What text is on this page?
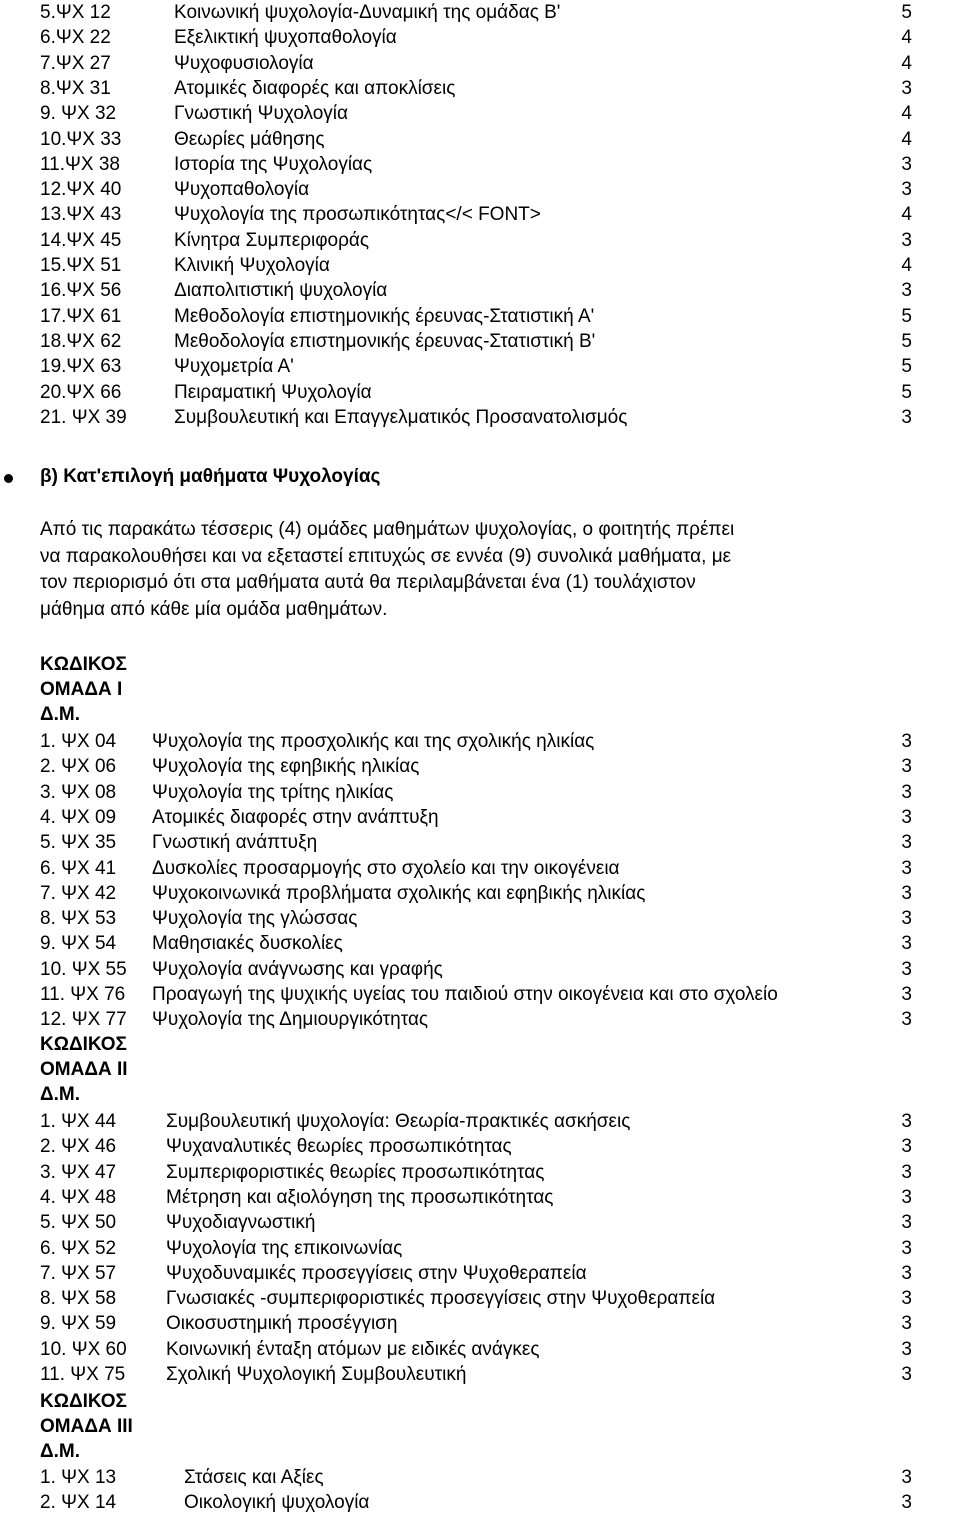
5.ΨΧ 12	Κοινωνική ψυχολογία-Δυναμική της ομάδας Β'	5
6.ΨΧ 22	Εξελικτική ψυχοπαθολογία	4
7.ΨΧ 27	Ψυχοφυσιολογία	4
8.ΨΧ 31	Ατομικές διαφορές και αποκλίσεις	3
9. ΨΧ 32	Γνωστική Ψυχολογία	4
10.ΨΧ 33	Θεωρίες μάθησης	4
11.ΨΧ 38	Ιστορία της Ψυχολογίας	3
12.ΨΧ 40	Ψυχοπαθολογία	3
13.ΨΧ 43	Ψυχολογία της προσωπικότητας</< FONT>	4
14.ΨΧ 45	Κίνητρα Συμπεριφοράς	3
15.ΨΧ 51	Κλινική Ψυχολογία	4
16.ΨΧ 56	Διαπολιτιστική ψυχολογία	3
17.ΨΧ 61	Μεθοδολογία επιστημονικής έρευνας-Στατιστική Α'	5
18.ΨΧ 62	Μεθοδολογία επιστημονικής έρευνας-Στατιστική Β'	5
19.ΨΧ 63	Ψυχομετρία Α'	5
20.ΨΧ 66	Πειραματική Ψυχολογία	5
21. ΨΧ 39 Συμβουλευτική και Επαγγελματικός Προσανατολισμός	3
β) Κατ'επιλογή μαθήματα Ψυχολογίας
Από τις παρακάτω τέσσερις (4) ομάδες μαθημάτων ψυχολογίας, ο φοιτητής πρέπει
να παρακολουθήσει και να εξεταστεί επιτυχώς σε εννέα (9) συνολικά μαθήματα, με
τον περιορισμό ότι στα μαθήματα αυτά θα περιλαμβάνεται ένα (1) τουλάχιστον
μάθημα από κάθε μία ομάδα μαθημάτων.
ΚΩΔΙΚΟΣ
ΟΜΑΔΑ Ι
Δ.Μ.
1. ΨΧ 04 Ψυχολογία της προσχολικής και της σχολικής ηλικίας	3
2. ΨΧ 06 Ψυχολογία της εφηβικής ηλικίας	3
3. ΨΧ 08 Ψυχολογία της τρίτης ηλικίας	3
4. ΨΧ 09 Ατομικές διαφορές στην ανάπτυξη	3
5. ΨΧ 35 Γνωστική ανάπτυξη	3
6. ΨΧ 41 Δυσκολίες προσαρμογής στο σχολείο και την οικογένεια	3
7. ΨΧ 42 Ψυχοκοινωνικά προβλήματα σχολικής και εφηβικής ηλικίας	3
8. ΨΧ 53 Ψυχολογία της γλώσσας	3
9. ΨΧ 54 Μαθησιακές δυσκολίες	3
10. ΨΧ 55 Ψυχολογία ανάγνωσης και γραφής	3
11. ΨΧ 76 Προαγωγή της ψυχικής υγείας του παιδιού στην οικογένεια και στο σχολείο	3
12. ΨΧ 77 Ψυχολογία της Δημιουργικότητας	3
ΚΩΔΙΚΟΣ
ΟΜΑΔΑ ΙΙ
Δ.Μ.
1. ΨΧ 44	Συμβουλευτική ψυχολογία: Θεωρία-πρακτικές ασκήσεις	3
2. ΨΧ 46	Ψυχαναλυτικές θεωρίες προσωπικότητας	3
3. ΨΧ 47	Συμπεριφοριστικές θεωρίες προσωπικότητας	3
4. ΨΧ 48	Μέτρηση και αξιολόγηση της προσωπικότητας	3
5. ΨΧ 50	Ψυχοδιαγνωστική	3
6. ΨΧ 52	Ψυχολογία της επικοινωνίας	3
7. ΨΧ 57	Ψυχοδυναμικές προσεγγίσεις στην Ψυχοθεραπεία	3
8. ΨΧ 58	Γνωσιακές -συμπεριφοριστικές προσεγγίσεις στην Ψυχοθεραπεία	3
9. ΨΧ 59	Οικοσυστημική προσέγγιση	3
10. ΨΧ 60 Κοινωνική ένταξη ατόμων με ειδικές ανάγκες	3
11. ΨΧ 75 Σχολική Ψυχολογική Συμβουλευτική	3
ΚΩΔΙΚΟΣ
ΟΜΑΔΑ ΙΙΙ
Δ.Μ.
1. ΨΧ 13	Στάσεις και Αξίες	3
2. ΨΧ 14	Οικολογική ψυχολογία	3
